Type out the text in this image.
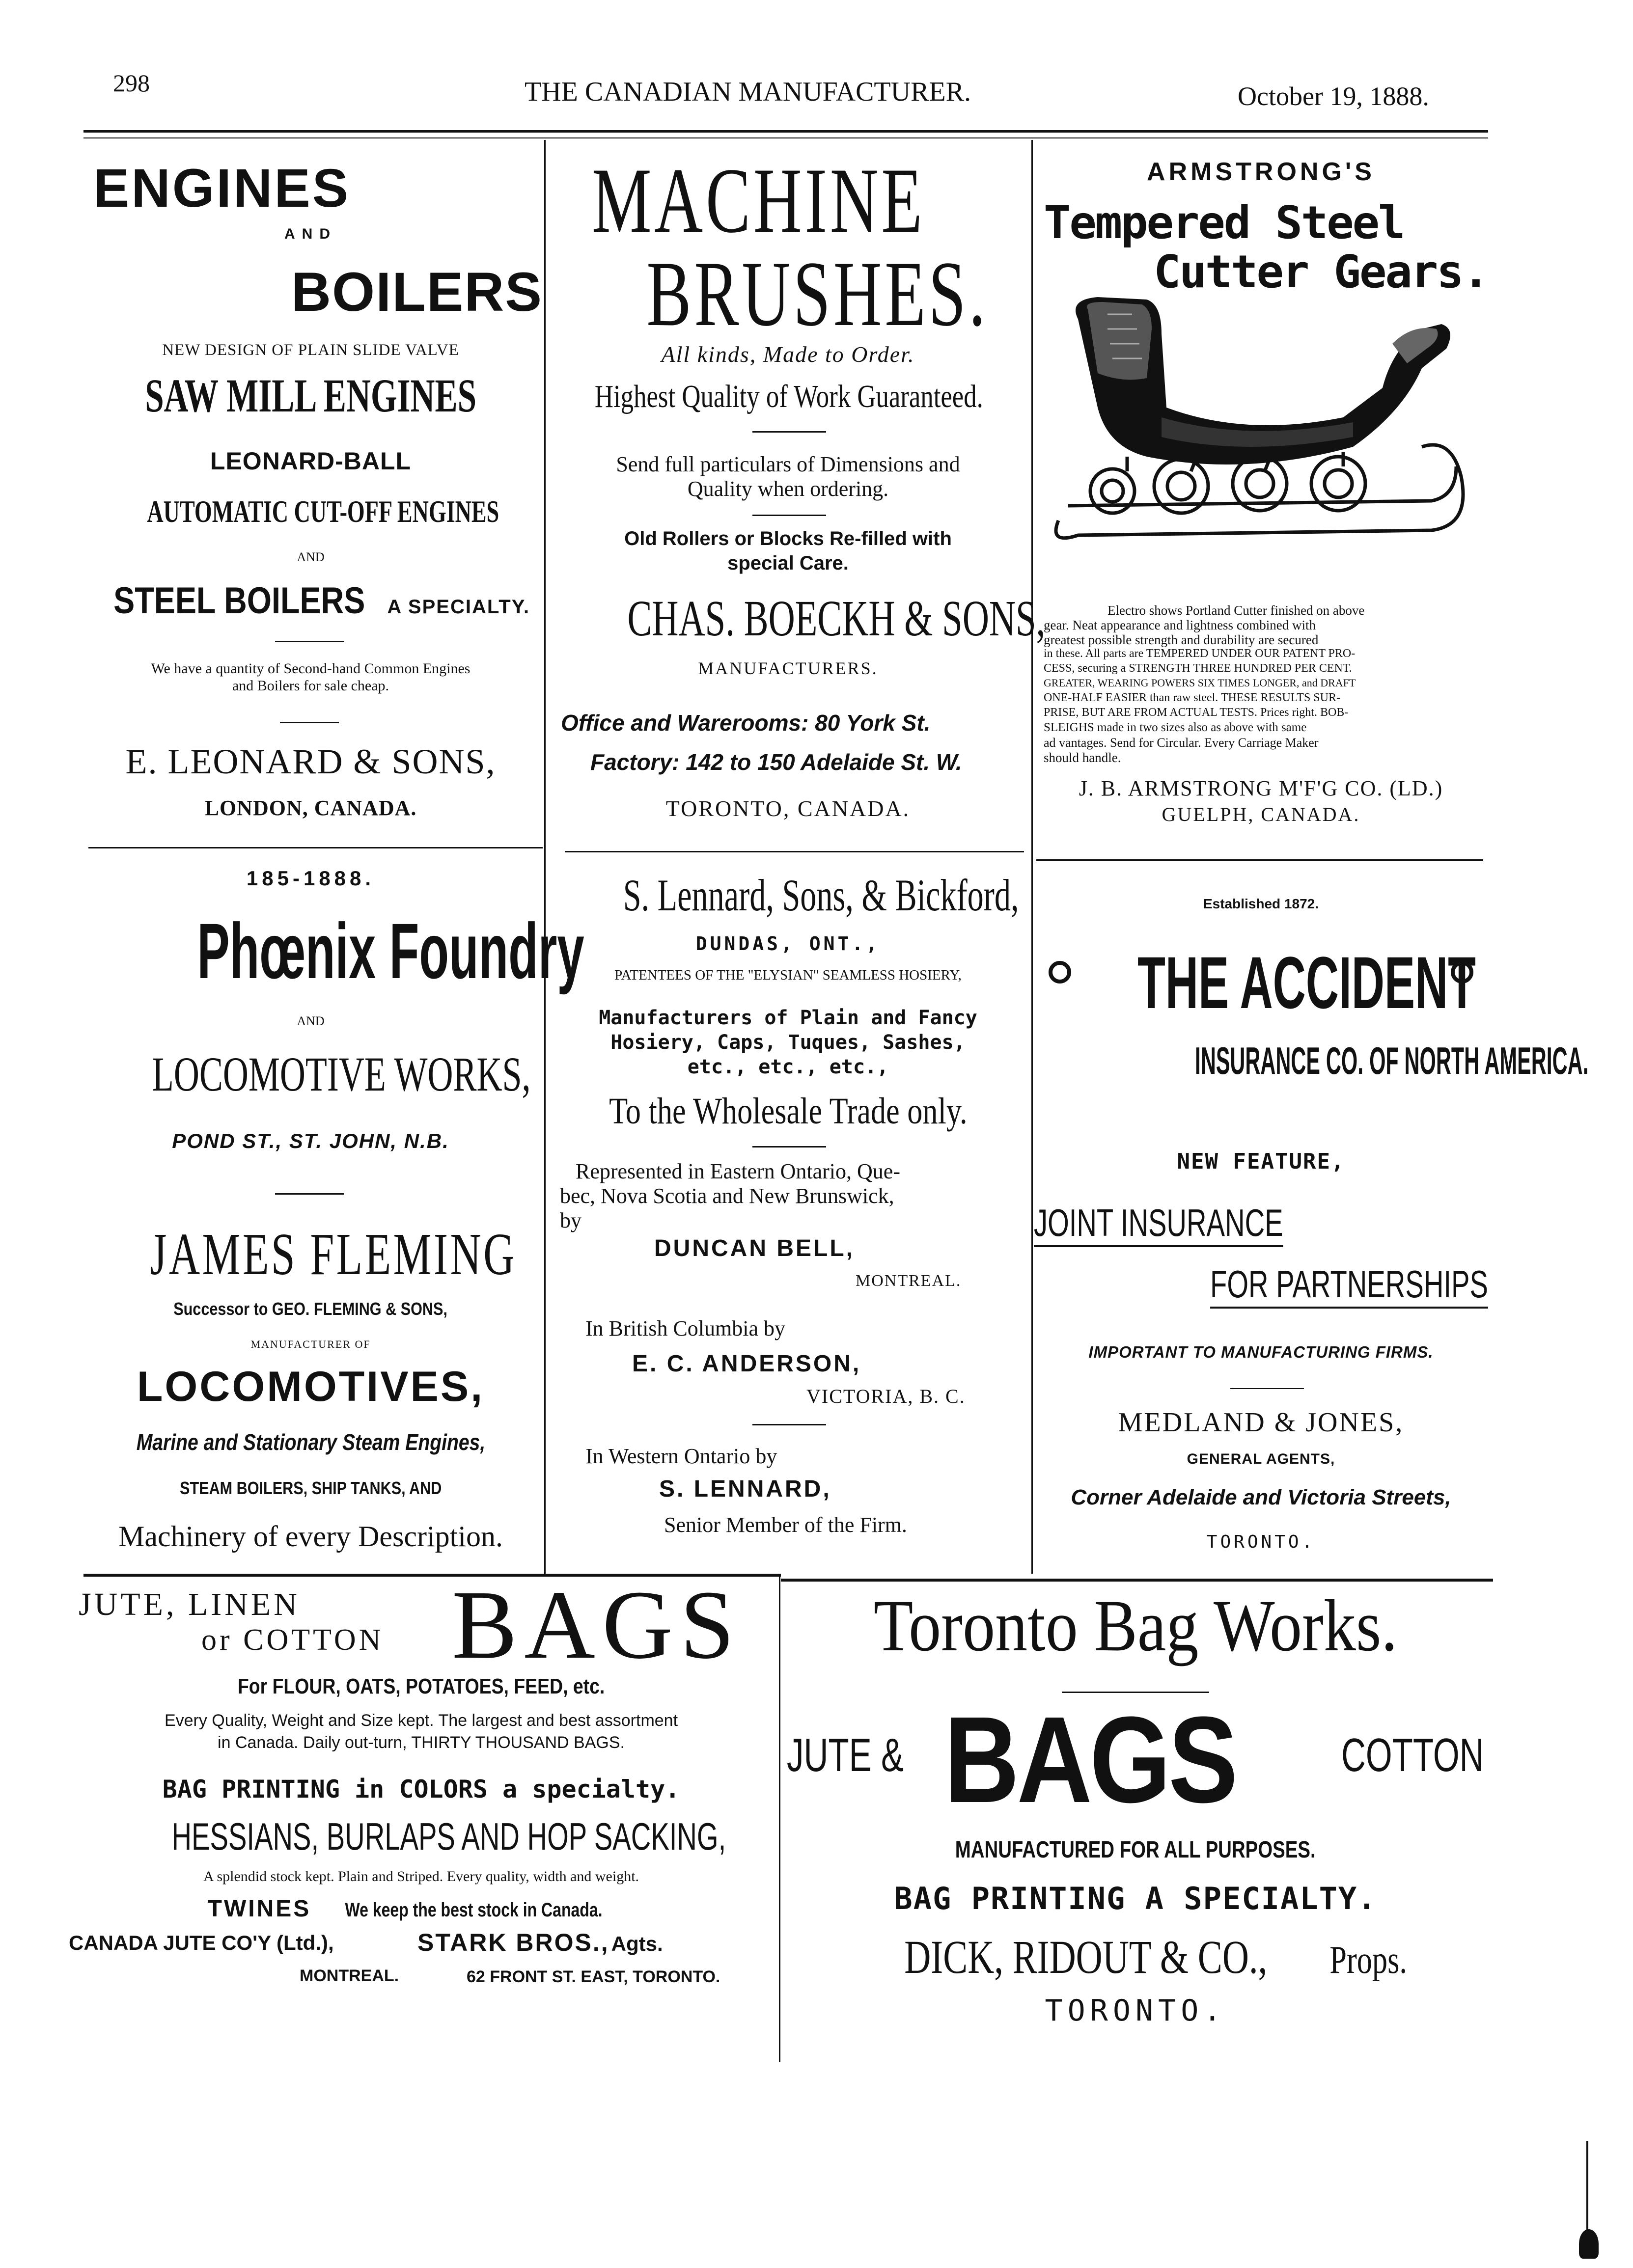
298	THE CANADIAN MANUFACTURER.	October 19, 1888.
ENGINES
AND
BOILERS
NEW DESIGN OF PLAIN SLIDE VALVE
SAW MILL ENGINES
LEONARD-BALL
AUTOMATIC CUT-OFF ENGINES
AND
STEEL BOILERS A SPECIALTY.
We have a quantity of Second-hand Common Engines
and Boilers for sale cheap.
E. LEONARD & SONS,
LONDON, CANADA.
185-1888.
Phœnix Foundry
AND
LOCOMOTIVE WORKS,
POND ST., ST. JOHN, N.B.
JAMES FLEMING
Successor to GEO. FLEMING & SONS,
MANUFACTURER OF
LOCOMOTIVES,
Marine and Stationary Steam Engines,
STEAM BOILERS, SHIP TANKS, AND
Machinery of every Description.
MACHINE
BRUSHES.
All kinds, Made to Order.
Highest Quality of Work Guaranteed.
Send full particulars of Dimensions and
Quality when ordering.
Old Rollers or Blocks Re-filled with
special Care.
CHAS. BOECKH & SONS,
MANUFACTURERS.
Office and Warerooms: 80 York St.
Factory: 142 to 150 Adelaide St. W.
TORONTO, CANADA.
S. Lennard, Sons, & Bickford,
DUNDAS, ONT.,
PATENTEES OF THE "ELYSIAN" SEAMLESS HOSIERY,
Manufacturers of Plain and Fancy
Hosiery, Caps, Tuques, Sashes,
etc., etc., etc.,
To the Wholesale Trade only.
Represented in Eastern Ontario, Que-
bec, Nova Scotia and New Brunswick,
by
DUNCAN BELL,
MONTREAL.
In British Columbia by
E. C. ANDERSON,
VICTORIA, B. C.
In Western Ontario by
S. LENNARD,
Senior Member of the Firm.
ARMSTRONG'S
Tempered Steel
Cutter Gears.
Electro shows Portland Cutter finished on above
gear. Neat appearance and lightness combined with
greatest possible strength and durability are secured
in these. All parts are TEMPERED UNDER OUR PATENT PRO-
CESS, securing a STRENGTH THREE HUNDRED PER CENT.
GREATER, WEARING POWERS SIX TIMES LONGER, and DRAFT
ONE-HALF EASIER than raw steel. THESE RESULTS SUR-
PRISE, BUT ARE FROM ACTUAL TESTS. Prices right. BOB-
SLEIGHS made in two sizes also as above with same
ad vantages. Send for Circular. Every Carriage Maker
should handle.
J. B. ARMSTRONG M'F'G CO. (LD.)
GUELPH, CANADA.
Established 1872.
THE ACCIDENT
INSURANCE CO. OF NORTH AMERICA.
NEW FEATURE,
JOINT INSURANCE
FOR PARTNERSHIPS
IMPORTANT TO MANUFACTURING FIRMS.
MEDLAND & JONES,
GENERAL AGENTS,
Corner Adelaide and Victoria Streets,
TORONTO.
JUTE, LINEN
or COTTON BAGS
For FLOUR, OATS, POTATOES, FEED, etc.
Every Quality, Weight and Size kept. The largest and best assortment
in Canada. Daily out-turn, THIRTY THOUSAND BAGS.
BAG PRINTING in COLORS a specialty.
HESSIANS, BURLAPS AND HOP SACKING,
A splendid stock kept. Plain and Striped. Every quality, width and weight.
TWINES We keep the best stock in Canada.
CANADA JUTE CO'Y (Ltd.),	STARK BROS., Agts.
MONTREAL.	62 FRONT ST. EAST, TORONTO.
Toronto Bag Works.
JUTE & BAGS	COTTON
MANUFACTURED FOR ALL PURPOSES.
BAG PRINTING A SPECIALTY.
DICK, RIDOUT & CO., Props.
TORONTO.
